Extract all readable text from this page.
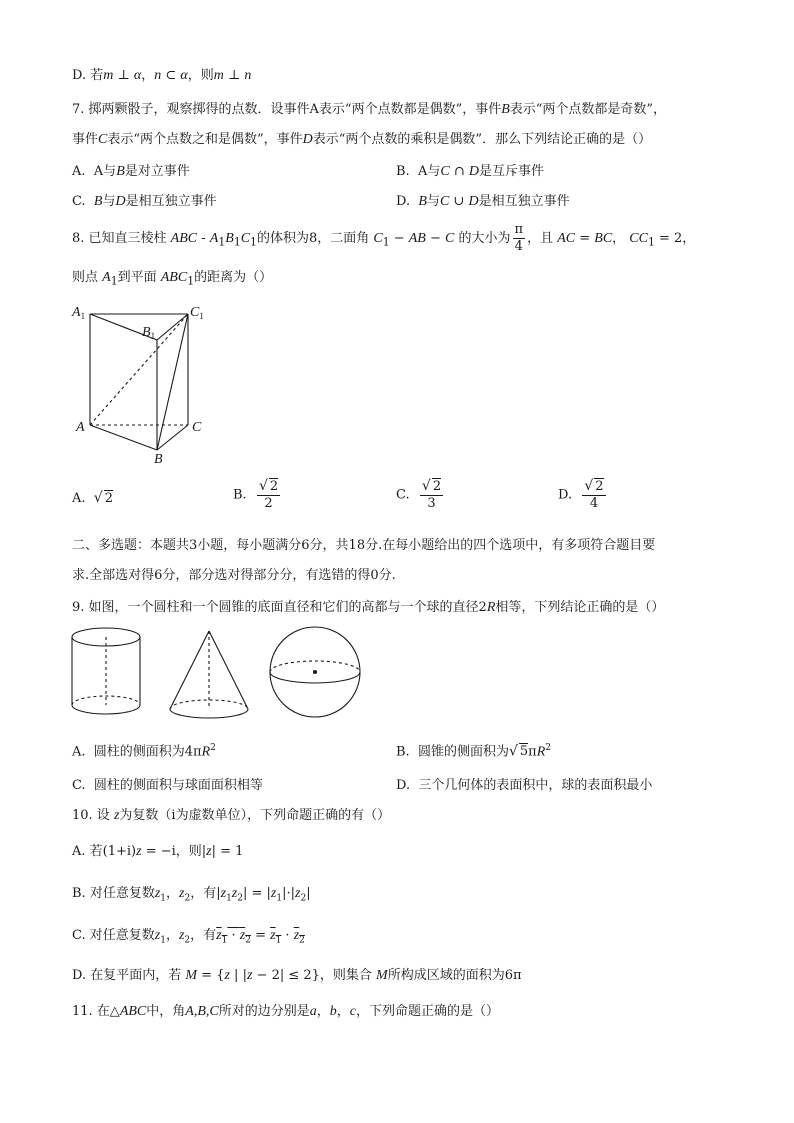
D. 若m ⊥ α，n ⊂ α，则m ⊥ n
7. 掷两颗骰子，观察掷得的点数．设事件A表示“两个点数都是偶数”，事件B表示“两个点数都是奇数”，
事件C表示“两个点数之和是偶数”，事件D表示“两个点数的乘积是偶数”．那么下列结论正确的是（）
A.  A与B是对立事件	B.  A与C ∩ D是互斥事件
C.  B与D是相互独立事件	D.  B与C ∪ D是相互独立事件
8. 已知直三棱柱 ABC - $A_1B_1C_1$的体积为8，二面角 $C_1$ − AB − C 的大小为 $\frac{\pi}{4}$ ，且 AC = BC， $CC_1 = 2$，
则点 $A_1$到平面 $ABC_1$的距离为（）
$A_1$
$B_1$
$C_1$
A
B
C
A.  √ 2	B. $\frac{√ 2}{2}$	C. $\frac{√ 2}{3}$	D. $\frac{√ 2}{4}$
二、多选题：本题共3小题，每小题满分6分，共18分.在每小题给出的四个选项中，有多项符合题目要
求.全部选对得6分，部分选对得部分分，有选错的得0分.
9. 如图，一个圆柱和一个圆锥的底面直径和它们的高都与一个球的直径2R相等，下列结论正确的是（）
A.  圆柱的侧面积为$4\pi R^2$	B.  圆锥的侧面积为√ $5\pi R^2$
C.  圆柱的侧面积与球面面积相等	D.  三个几何体的表面积中，球的表面积最小
10. 设 z为复数（i为虚数单位），下列命题正确的有（）
A. 若(1+i)z = −i，则|z| = 1
B. 对任意复数$z_1$，$z_2$，有$|z_1z_2| = |z_1|\cdot|z_2|$
C. 对任意复数$z_1$，$z_2$，有$z_1 \cdot z_2 = z_1 \cdot z_2$
D. 在复平面内，若 M = {z | |z − 2| ≤ 2}，则集合 M所构成区域的面积为6π
11. 在△ABC中，角A,B,C所对的边分别是a，b，c，下列命题正确的是（）
